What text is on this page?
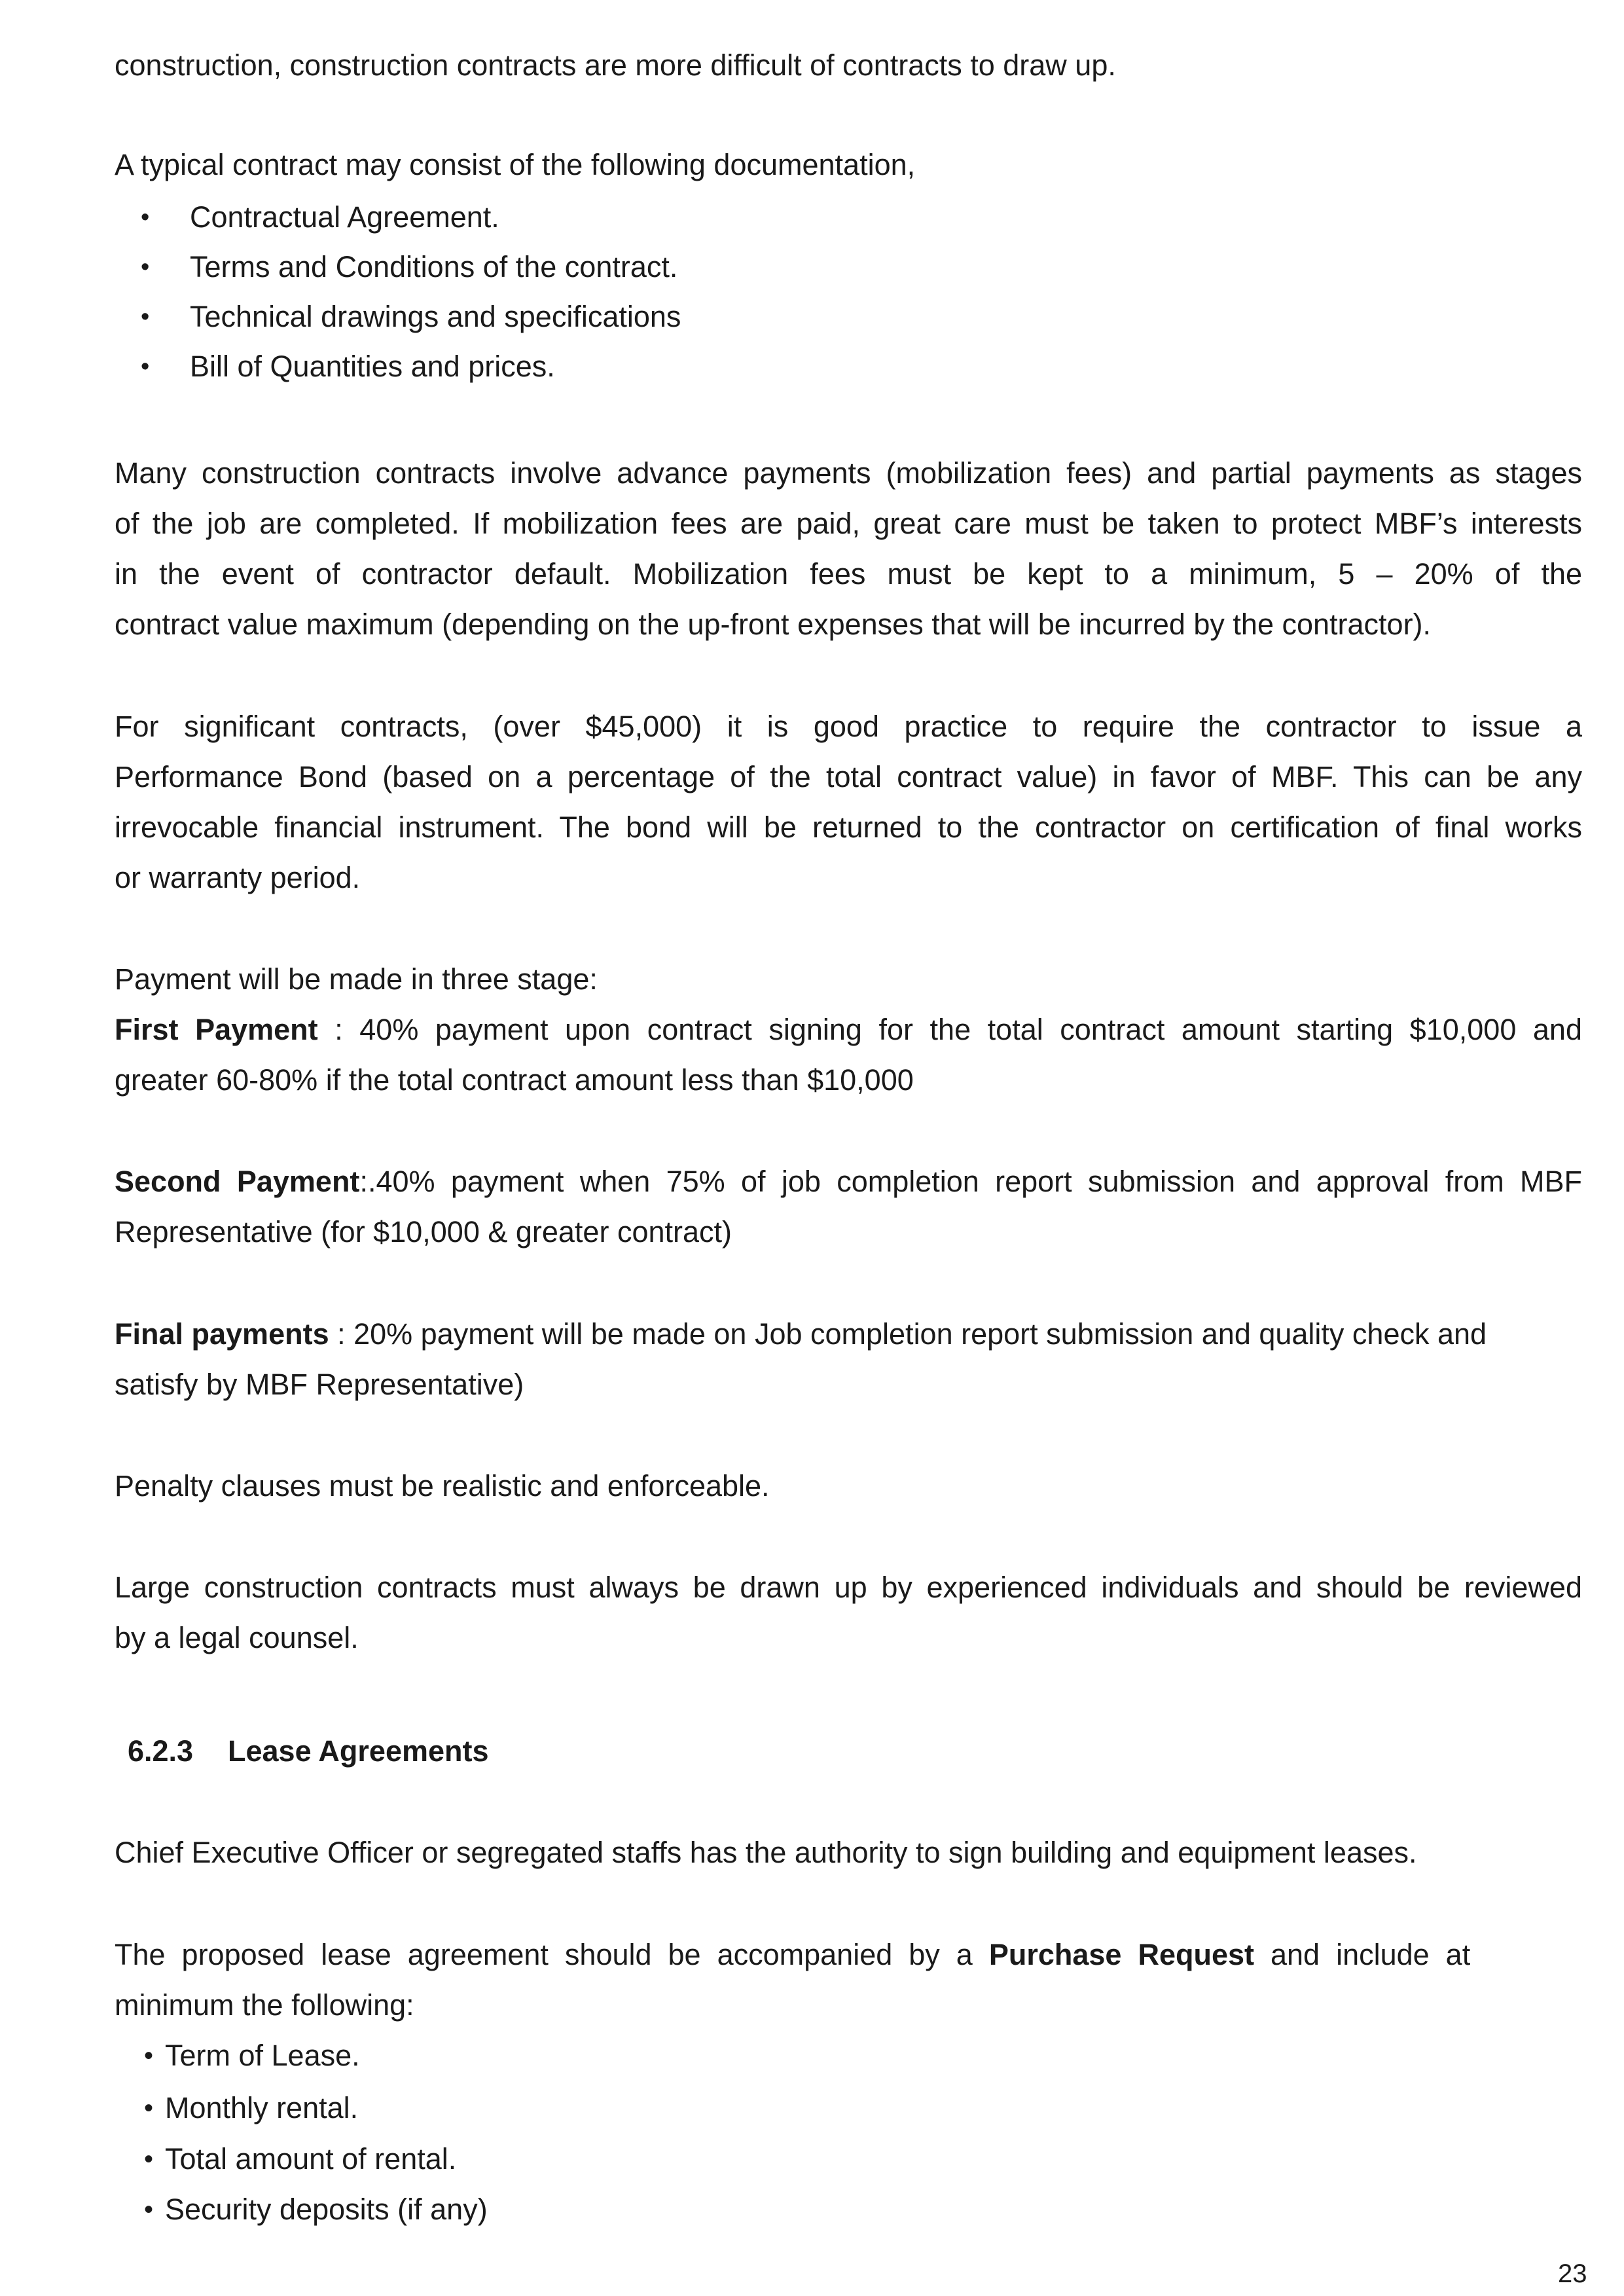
construction, construction contracts are more difficult of contracts to draw up.
A typical contract may consist of the following documentation,
• Contractual Agreement.
• Terms and Conditions of the contract.
• Technical drawings and specifications
• Bill of Quantities and prices.
Many construction contracts involve advance payments (mobilization fees) and partial payments as stages
of the job are completed. If mobilization fees are paid, great care must be taken to protect MBF’s interests
in the event of contractor default. Mobilization fees must be kept to a minimum, 5 – 20% of the
contract value maximum (depending on the up-front expenses that will be incurred by the contractor).
For significant contracts, (over $45,000) it is good practice to require the contractor to issue a
Performance Bond (based on a percentage of the total contract value) in favor of MBF. This can be any
irrevocable financial instrument. The bond will be returned to the contractor on certification of final works
or warranty period.
Payment will be made in three stage:
First Payment : 40% payment upon contract signing for the total contract amount starting $10,000 and
greater 60-80% if the total contract amount less than $10,000
Second Payment:.40% payment when 75% of job completion report submission and approval from MBF
Representative (for $10,000 & greater contract)
Final payments : 20% payment will be made on Job completion report submission and quality check and
satisfy by MBF Representative)
Penalty clauses must be realistic and enforceable.
Large construction contracts must always be drawn up by experienced individuals and should be reviewed
by a legal counsel.
6.2.3 Lease Agreements
Chief Executive Officer or segregated staffs has the authority to sign building and equipment leases.
The  proposed  lease  agreement  should  be  accompanied  by  a  Purchase  Request  and  include  at
minimum the following:
• Term of Lease.
• Monthly rental.
• Total amount of rental.
• Security deposits (if any)
23
